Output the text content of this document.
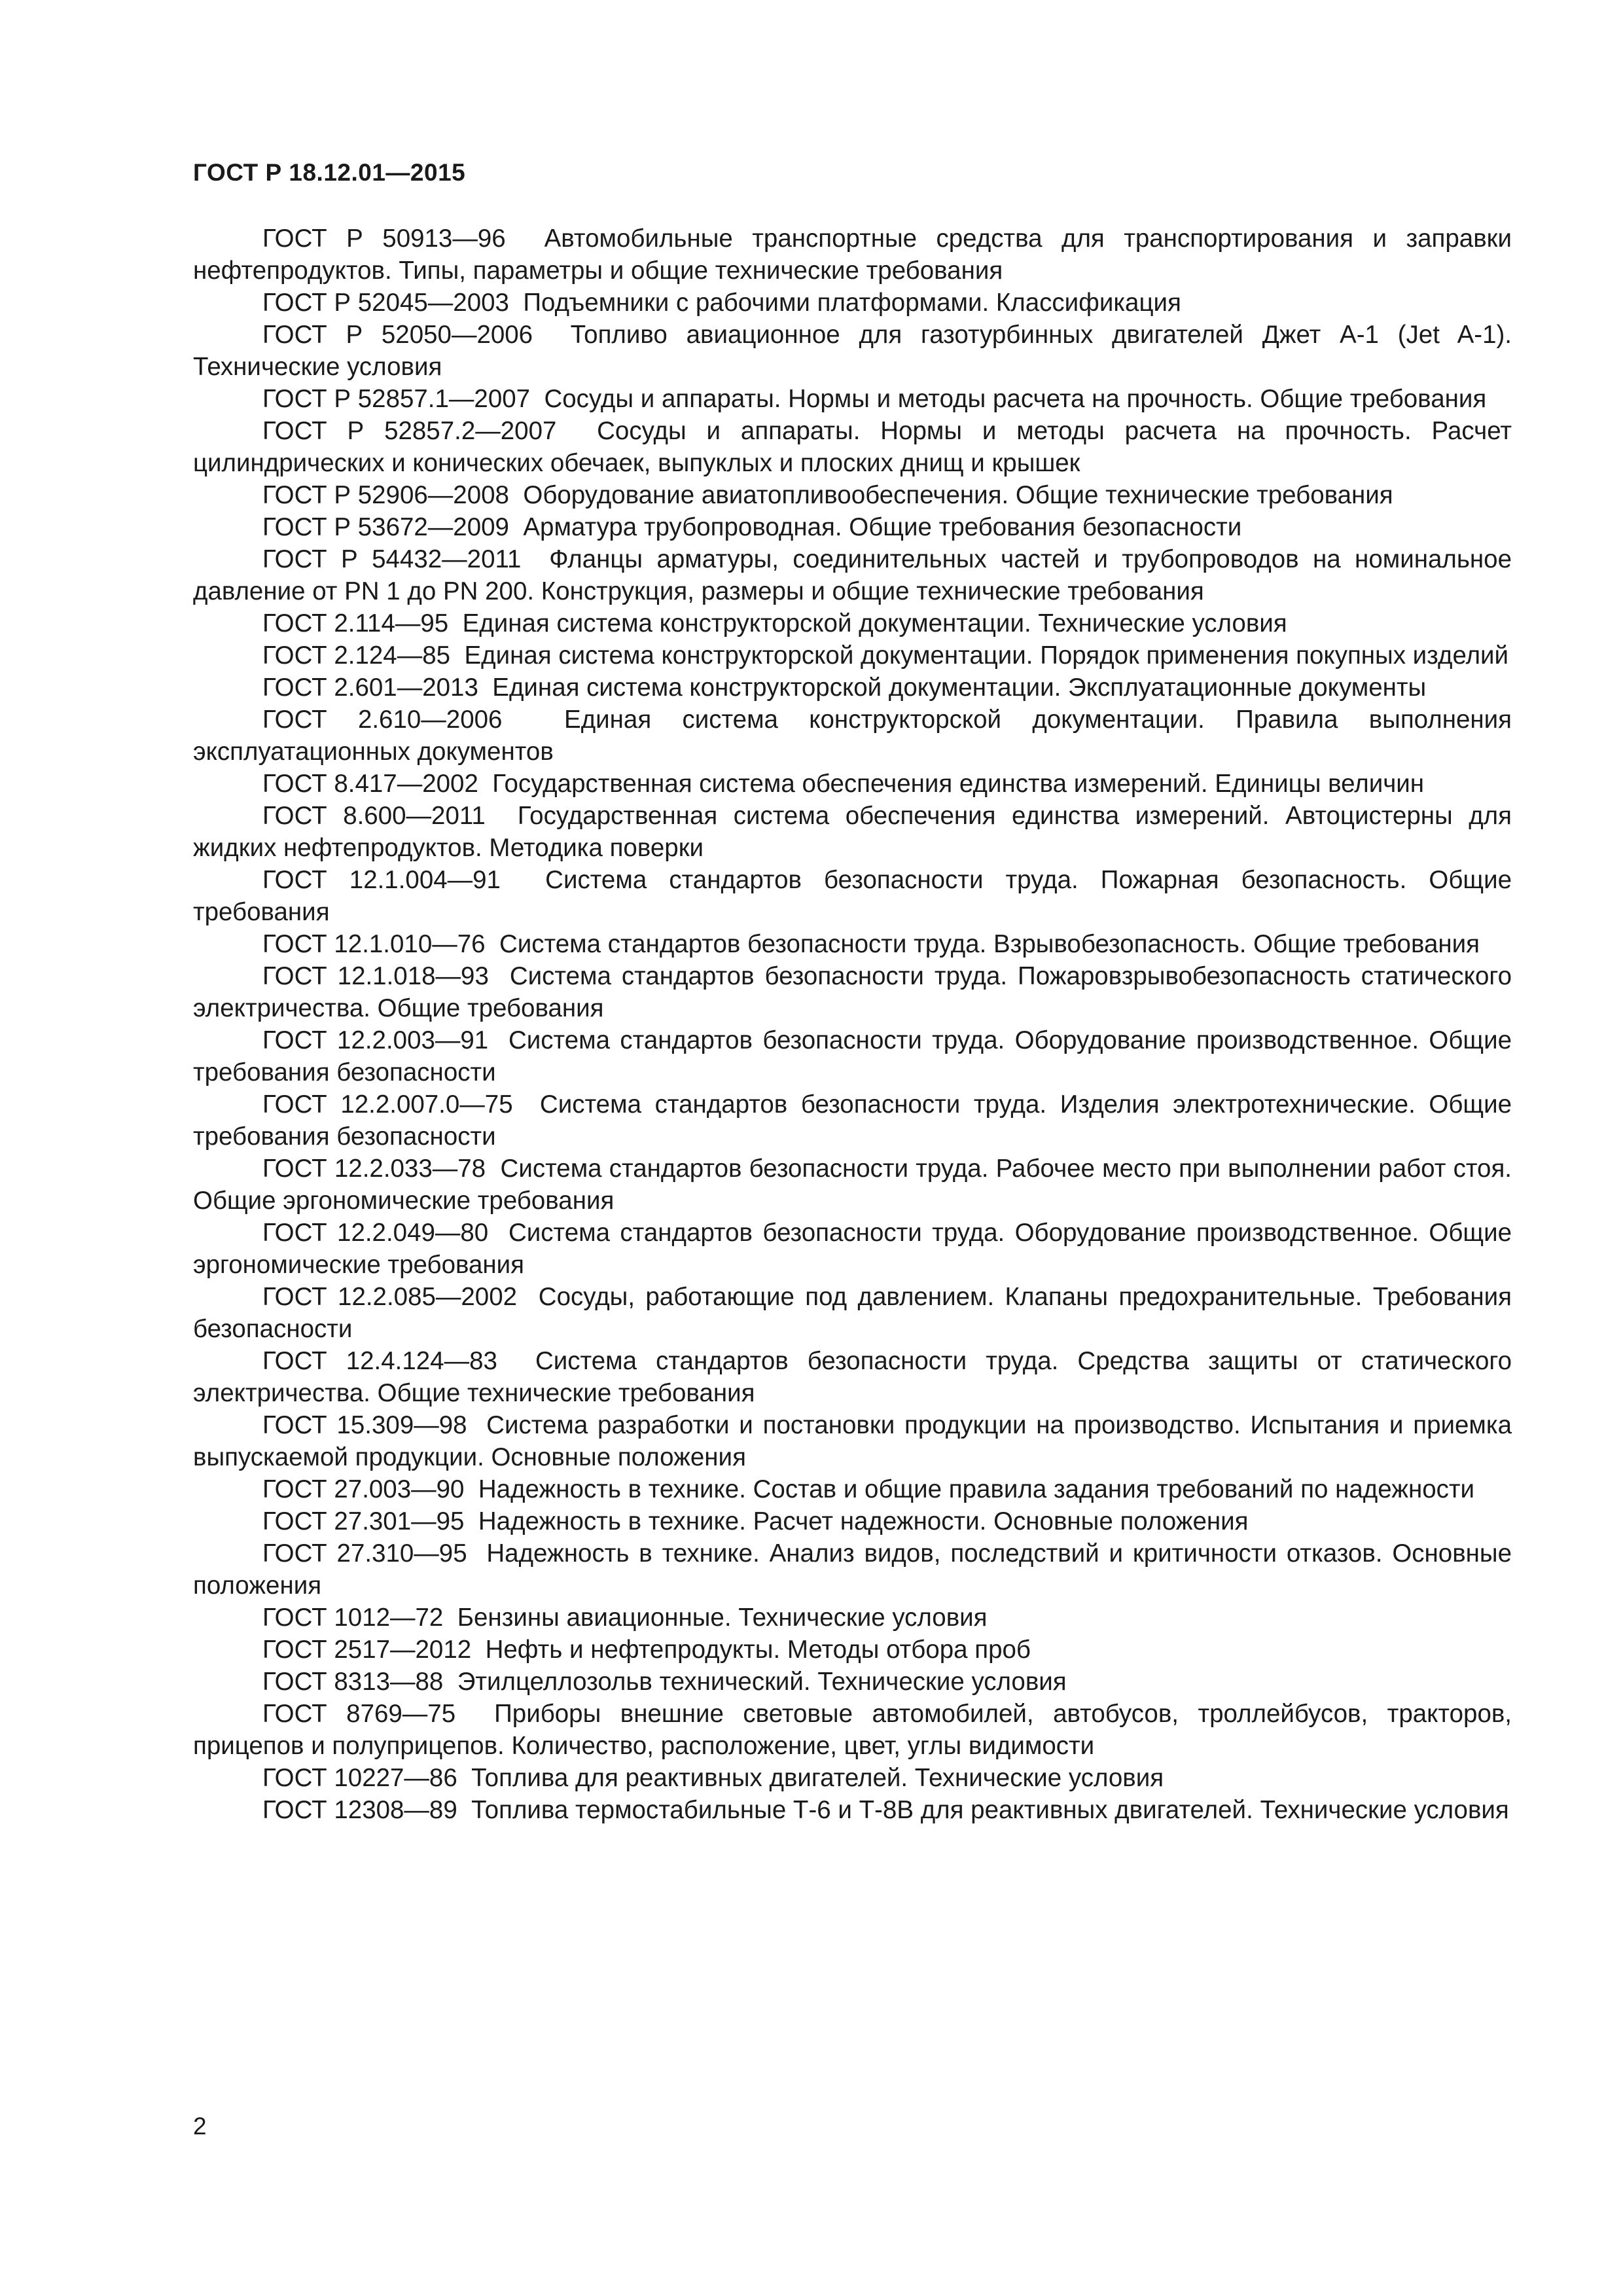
ГОСТ Р 18.12.01—2015

ГОСТ Р 50913—96 Автомобильные транспортные средства для транспортирования и заправки нефтепродуктов. Типы, параметры и общие технические требования

ГОСТ Р 52045—2003 Подъемники с рабочими платформами. Классификация

ГОСТ Р 52050—2006 Топливо авиационное для газотурбинных двигателей Джет А-1 (Jet A-1). Технические условия

ГОСТ Р 52857.1—2007 Сосуды и аппараты. Нормы и методы расчета на прочность. Общие требования

ГОСТ Р 52857.2—2007 Сосуды и аппараты. Нормы и методы расчета на прочность. Расчет цилиндрических и конических обечаек, выпуклых и плоских днищ и крышек

ГОСТ Р 52906—2008 Оборудование авиатопливообеспечения. Общие технические требования

ГОСТ Р 53672—2009 Арматура трубопроводная. Общие требования безопасности

ГОСТ Р 54432—2011 Фланцы арматуры, соединительных частей и трубопроводов на номинальное давление от PN 1 до PN 200. Конструкция, размеры и общие технические требования

ГОСТ 2.114—95 Единая система конструкторской документации. Технические условия

ГОСТ 2.124—85 Единая система конструкторской документации. Порядок применения покупных изделий

ГОСТ 2.601—2013 Единая система конструкторской документации. Эксплуатационные документы

ГОСТ 2.610—2006 Единая система конструкторской документации. Правила выполнения эксплуатационных документов

ГОСТ 8.417—2002 Государственная система обеспечения единства измерений. Единицы величин

ГОСТ 8.600—2011 Государственная система обеспечения единства измерений. Автоцистерны для жидких нефтепродуктов. Методика поверки

ГОСТ 12.1.004—91 Система стандартов безопасности труда. Пожарная безопасность. Общие требования

ГОСТ 12.1.010—76 Система стандартов безопасности труда. Взрывобезопасность. Общие требования

ГОСТ 12.1.018—93 Система стандартов безопасности труда. Пожаровзрывобезопасность статического электричества. Общие требования

ГОСТ 12.2.003—91 Система стандартов безопасности труда. Оборудование производственное. Общие требования безопасности

ГОСТ 12.2.007.0—75 Система стандартов безопасности труда. Изделия электротехнические. Общие требования безопасности

ГОСТ 12.2.033—78 Система стандартов безопасности труда. Рабочее место при выполнении работ стоя. Общие эргономические требования

ГОСТ 12.2.049—80 Система стандартов безопасности труда. Оборудование производственное. Общие эргономические требования

ГОСТ 12.2.085—2002 Сосуды, работающие под давлением. Клапаны предохранительные. Требования безопасности

ГОСТ 12.4.124—83 Система стандартов безопасности труда. Средства защиты от статического электричества. Общие технические требования

ГОСТ 15.309—98 Система разработки и постановки продукции на производство. Испытания и приемка выпускаемой продукции. Основные положения

ГОСТ 27.003—90 Надежность в технике. Состав и общие правила задания требований по надежности

ГОСТ 27.301—95 Надежность в технике. Расчет надежности. Основные положения

ГОСТ 27.310—95 Надежность в технике. Анализ видов, последствий и критичности отказов. Основные положения

ГОСТ 1012—72 Бензины авиационные. Технические условия

ГОСТ 2517—2012 Нефть и нефтепродукты. Методы отбора проб

ГОСТ 8313—88 Этилцеллозольв технический. Технические условия

ГОСТ 8769—75 Приборы внешние световые автомобилей, автобусов, троллейбусов, тракторов, прицепов и полуприцепов. Количество, расположение, цвет, углы видимости

ГОСТ 10227—86 Топлива для реактивных двигателей. Технические условия

ГОСТ 12308—89 Топлива термостабильные Т-6 и Т-8В для реактивных двигателей. Технические условия

2
